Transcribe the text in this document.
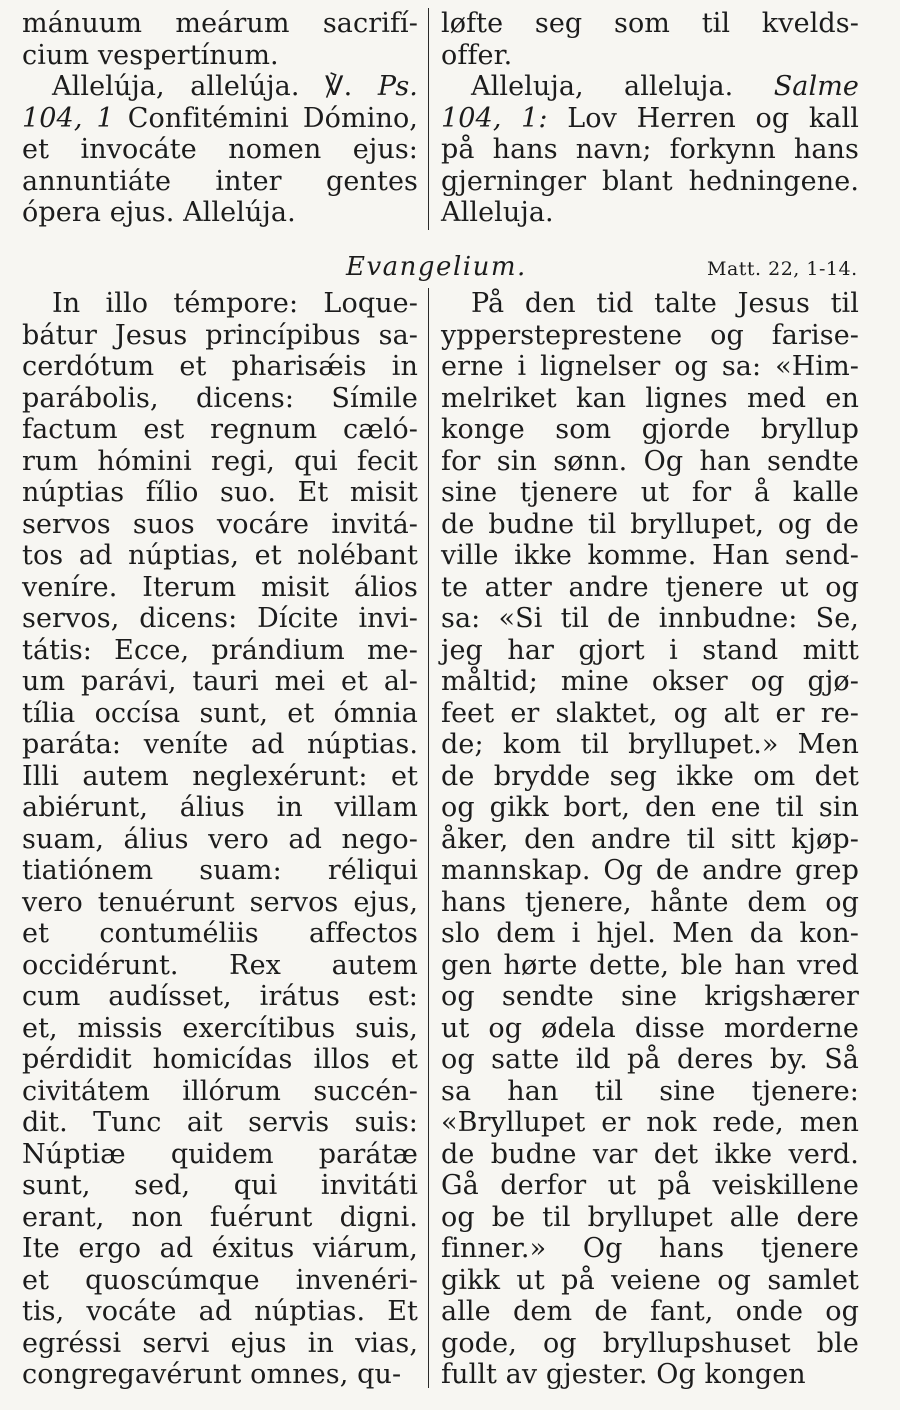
mánuum meárum sacrifí-
cium vespertínum.
Allelúja, allelúja. ℣. Ps.
104, 1 Confitémini Dómino,
et invocáte nomen ejus:
annuntiáte inter gentes
ópera ejus. Allelúja.
løfte seg som til kvelds-
offer.
Alleluja, alleluja. Salme
104, 1: Lov Herren og kall
på hans navn; forkynn hans
gjerninger blant hedningene.
Alleluja.
Evangelium.	Matt. 22, 1-14.
In illo témpore: Loque-
bátur Jesus princípibus sa-
cerdótum et pharisǽis in
parábolis, dicens: Símile
factum est regnum cæló-
rum hómini regi, qui fecit
núptias fílio suo. Et misit
servos suos vocáre invitá-
tos ad núptias, et nolébant
veníre. Iterum misit álios
servos, dicens: Dícite invi-
tátis: Ecce, prándium me-
um parávi, tauri mei et al-
tília occísa sunt, et ómnia
paráta: veníte ad núptias.
Illi autem neglexérunt: et
abiérunt, álius in villam
suam, álius vero ad nego-
tiatiónem suam: réliqui
vero tenuérunt servos ejus,
et contuméliis affectos
occidérunt. Rex autem
cum audísset, irátus est:
et, missis exercítibus suis,
pérdidit homicídas illos et
civitátem illórum succén-
dit. Tunc ait servis suis:
Núptiæ quidem parátæ
sunt, sed, qui invitáti
erant, non fuérunt digni.
Ite ergo ad éxitus viárum,
et quoscúmque invenéri-
tis, vocáte ad núptias. Et
egréssi servi ejus in vias,
congregavérunt omnes, qu-
På den tid talte Jesus til
yppersteprestene og farise-
erne i lignelser og sa: «Him-
melriket kan lignes med en
konge som gjorde bryllup
for sin sønn. Og han sendte
sine tjenere ut for å kalle
de budne til bryllupet, og de
ville ikke komme. Han send-
te atter andre tjenere ut og
sa: «Si til de innbudne: Se,
jeg har gjort i stand mitt
måltid; mine okser og gjø-
feet er slaktet, og alt er re-
de; kom til bryllupet.» Men
de brydde seg ikke om det
og gikk bort, den ene til sin
åker, den andre til sitt kjøp-
mannskap. Og de andre grep
hans tjenere, hånte dem og
slo dem i hjel. Men da kon-
gen hørte dette, ble han vred
og sendte sine krigshærer
ut og ødela disse morderne
og satte ild på deres by. Så
sa han til sine tjenere:
«Bryllupet er nok rede, men
de budne var det ikke verd.
Gå derfor ut på veiskillene
og be til bryllupet alle dere
finner.» Og hans tjenere
gikk ut på veiene og samlet
alle dem de fant, onde og
gode, og bryllupshuset ble
fullt av gjester. Og kongen
